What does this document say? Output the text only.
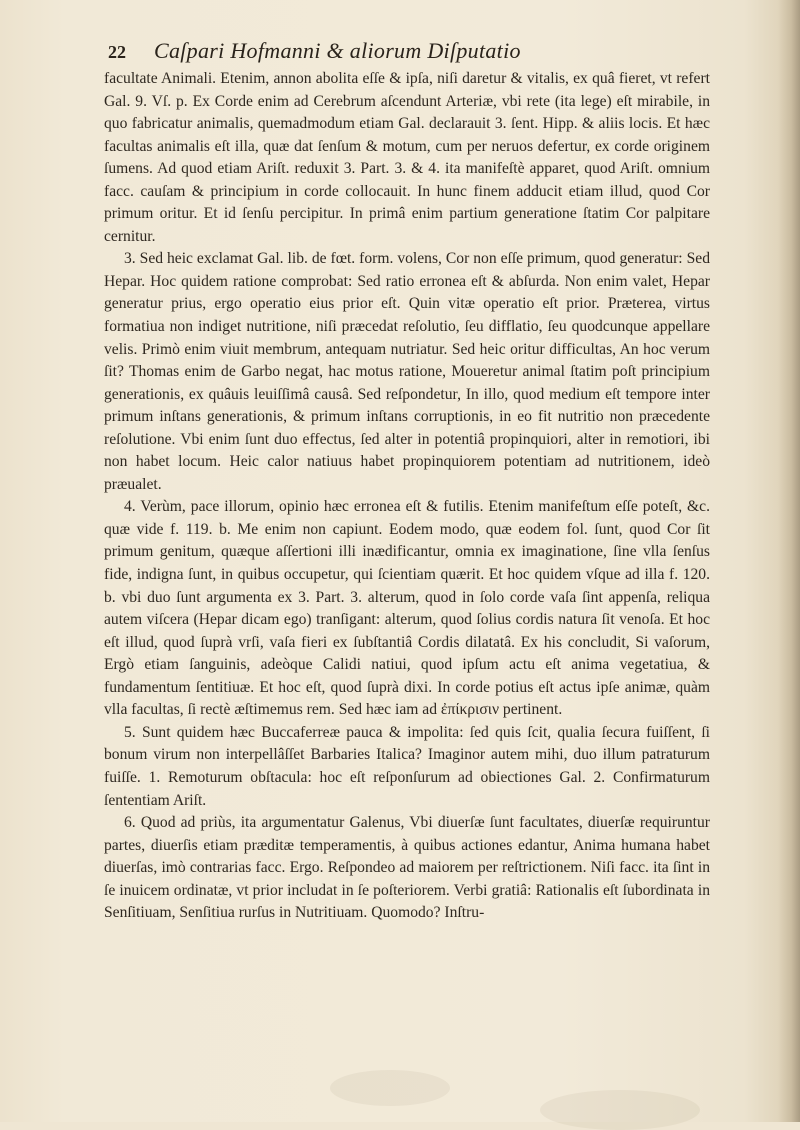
22 Caſpari Hofmanni & aliorum Diſputatio

facultate Animali. Etenim, annon abolita eſſe & ipſa, niſi daretur & vitalis, ex quâ fieret, vt refert Gal. 9. Vſ. p. Ex Corde enim ad Cerebrum aſcendunt Arteriæ, vbi rete (ita lege) eſt mirabile, in quo fabricatur animalis, quemadmodum etiam Gal. declarauit 3. ſent. Hipp. & aliis locis. Et hæc facultas animalis eſt illa, quæ dat ſenſum & motum, cum per neruos defertur, ex corde originem ſumens. Ad quod etiam Ariſt. reduxit 3. Part. 3. & 4. ita manifeſtè apparet, quod Ariſt. omnium facc. cauſam & principium in corde collocauit. In hunc finem adducit etiam illud, quod Cor primum oritur. Et id ſenſu percipitur. In primâ enim partium generatione ſtatim Cor palpitare cernitur.

3. Sed heic exclamat Gal. lib. de fœt. form. volens, Cor non eſſe primum, quod generatur: Sed Hepar. Hoc quidem ratione comprobat: Sed ratio erronea eſt & abſurda. Non enim valet, Hepar generatur prius, ergo operatio eius prior eſt. Quin vitæ operatio eſt prior. Præterea, virtus formatiua non indiget nutritione, niſi præcedat reſolutio, ſeu difflatio, ſeu quodcunque appellare velis. Primò enim viuit membrum, antequam nutriatur. Sed heic oritur difficultas, An hoc verum ſit? Thomas enim de Garbo negat, hac motus ratione, Moueretur animal ſtatim poſt principium generationis, ex quâuis leuiſſimâ causâ. Sed reſpondetur, In illo, quod medium eſt tempore inter primum inſtans generationis, & primum inſtans corruptionis, in eo fit nutritio non præcedente reſolutione. Vbi enim ſunt duo effectus, ſed alter in potentiâ propinquiori, alter in remotiori, ibi non habet locum. Heic calor natiuus habet propinquiorem potentiam ad nutritionem, ideò præualet.

4. Verùm, pace illorum, opinio hæc erronea eſt & futilis. Etenim manifeſtum eſſe poteſt, &c. quæ vide f. 119. b. Me enim non capiunt. Eodem modo, quæ eodem fol. ſunt, quod Cor ſit primum genitum, quæque aſſertioni illi inædificantur, omnia ex imaginatione, ſine vlla ſenſus fide, indigna ſunt, in quibus occupetur, qui ſcientiam quærit. Et hoc quidem vſque ad illa f. 120. b. vbi duo ſunt argumenta ex 3. Part. 3. alterum, quod in ſolo corde vaſa ſint appenſa, reliqua autem viſcera (Hepar dicam ego) tranſigant: alterum, quod ſolius cordis natura ſit venoſa. Et hoc eſt illud, quod ſuprà vrſi, vaſa fieri ex ſubſtantiâ Cordis dilatatâ. Ex his concludit, Si vaſorum, Ergò etiam ſanguinis, adeòque Calidi natiui, quod ipſum actu eſt anima vegetatiua, & fundamentum ſentitiuæ. Et hoc eſt, quod ſuprà dixi. In corde potius eſt actus ipſe animæ, quàm vlla facultas, ſi rectè æſtimemus rem. Sed hæc iam ad ἐπίκρισιν pertinent.

5. Sunt quidem hæc Buccaferreæ pauca & impolita: ſed quis ſcit, qualia ſecura fuiſſent, ſi bonum virum non interpellâſſet Barbaries Italica? Imaginor autem mihi, duo illum patraturum fuiſſe. 1. Remoturum obſtacula: hoc eſt reſponſurum ad obiectiones Gal. 2. Confirmaturum ſententiam Ariſt.

6. Quod ad priùs, ita argumentatur Galenus, Vbi diuerſæ ſunt facultates, diuerſæ requiruntur partes, diuerſis etiam præditæ temperamentis, à quibus actiones edantur, Anima humana habet diuerſas, imò contrarias facc. Ergo. Reſpondeo ad maiorem per reſtrictionem. Niſi facc. ita ſint in ſe inuicem ordinatæ, vt prior includat in ſe poſteriorem. Verbi gratiâ: Rationalis eſt ſubordinata in Senſitiuam, Senſitiua rurſus in Nutritiuam. Quomodo? Inſtru-
